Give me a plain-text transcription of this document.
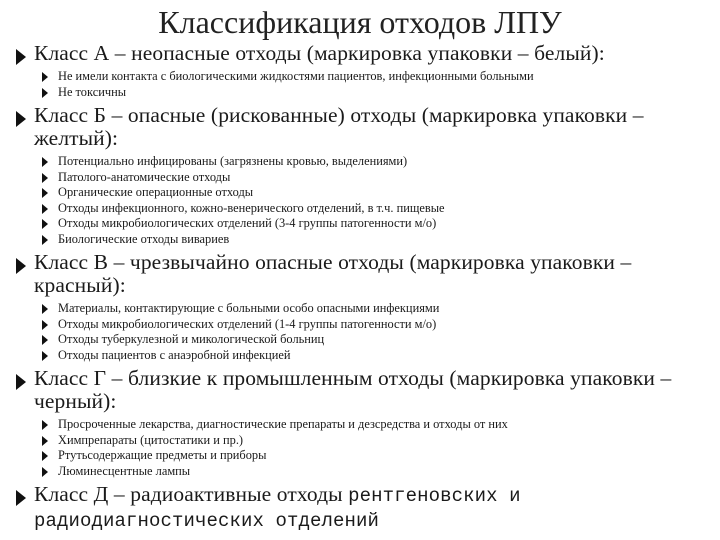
Классификация отходов ЛПУ
Класс А – неопасные отходы (маркировка упаковки – белый):
Не имели контакта с биологическими жидкостями пациентов, инфекционными больными
Не токсичны
Класс Б – опасные (рискованные) отходы (маркировка упаковки – желтый):
Потенциально инфицированы (загрязнены кровью, выделениями)
Патолого-анатомические отходы
Органические операционные отходы
Отходы инфекционного, кожно-венерического отделений, в т.ч. пищевые
Отходы микробиологических отделений (3-4 группы патогенности м/о)
Биологические отходы вивариев
Класс В – чрезвычайно опасные отходы (маркировка упаковки – красный):
Материалы, контактирующие с больными особо опасными инфекциями
Отходы микробиологических отделений (1-4 группы патогенности м/о)
Отходы туберкулезной и микологической больниц
Отходы пациентов с анаэробной инфекцией
Класс Г – близкие к промышленным отходы (маркировка упаковки – черный):
Просроченные лекарства, диагностические препараты и дезсредства и отходы от них
Химпрепараты (цитостатики и пр.)
Ртутьсодержащие предметы и приборы
Люминесцентные лампы
Класс Д – радиоактивные отходы рентгеновских и радиодиагностических отделений
